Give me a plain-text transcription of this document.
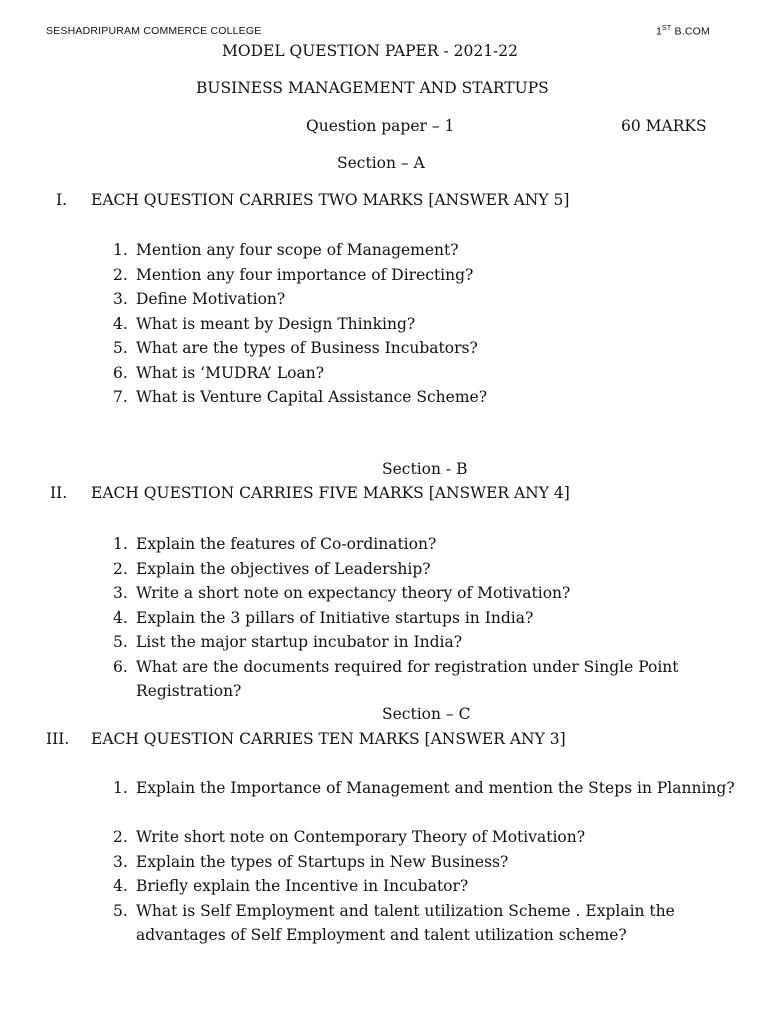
SESHADRIPURAM COMMERCE COLLEGE	1ST B.COM
MODEL QUESTION PAPER - 2021-22
BUSINESS MANAGEMENT AND STARTUPS
Question paper – 1	60 MARKS
Section – A
I. EACH QUESTION CARRIES TWO MARKS [ANSWER ANY 5]
1. Mention any four scope of Management?
2. Mention any four importance of Directing?
3. Define Motivation?
4. What is meant by Design Thinking?
5. What are the types of Business Incubators?
6. What is ‘MUDRA’ Loan?
7. What is Venture Capital Assistance Scheme?
Section - B
II. EACH QUESTION CARRIES FIVE MARKS [ANSWER ANY 4]
1. Explain the features of Co-ordination?
2. Explain the objectives of Leadership?
3. Write a short note on expectancy theory of Motivation?
4. Explain the 3 pillars of Initiative startups in India?
5. List the major startup incubator in India?
6. What are the documents required for registration under Single Point Registration?
Section – C
III. EACH QUESTION CARRIES TEN MARKS [ANSWER ANY 3]
1. Explain the Importance of Management and mention the Steps in Planning?
2. Write short note on Contemporary Theory of Motivation?
3. Explain the types of Startups in New Business?
4. Briefly explain the Incentive in Incubator?
5. What is Self Employment and talent utilization Scheme . Explain the advantages of Self Employment and talent utilization scheme?
